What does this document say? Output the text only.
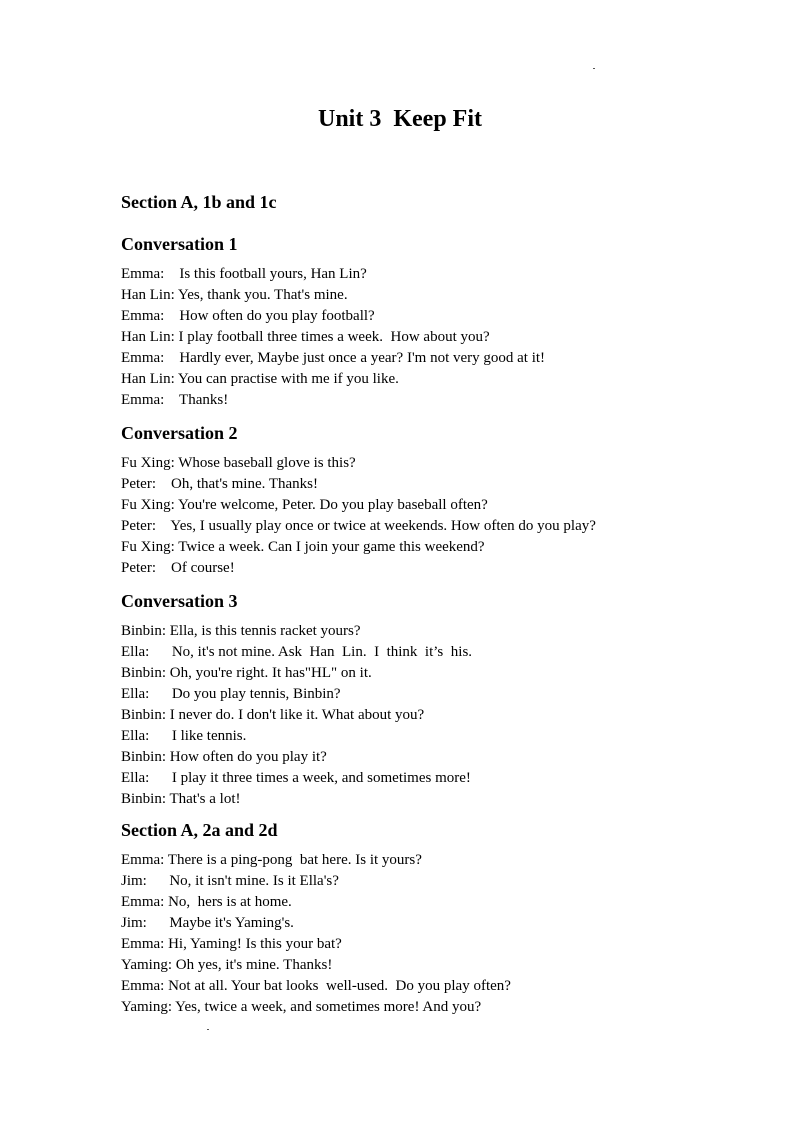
Unit 3  Keep Fit
Section A, 1b and 1c
Conversation 1
Emma:    Is this football yours, Han Lin?
Han Lin: Yes, thank you. That's mine.
Emma:    How often do you play football?
Han Lin: I play football three times a week.  How about you?
Emma:    Hardly ever, Maybe just once a year? I'm not very good at it!
Han Lin: You can practise with me if you like.
Emma:    Thanks!
Conversation 2
Fu Xing: Whose baseball glove is this?
Peter:    Oh, that's mine. Thanks!
Fu Xing: You're welcome, Peter. Do you play baseball often?
Peter:    Yes, I usually play once or twice at weekends. How often do you play?
Fu Xing: Twice a week. Can I join your game this weekend?
Peter:    Of course!
Conversation 3
Binbin: Ella, is this tennis racket yours?
Ella:      No, it's not mine. Ask  Han  Lin.  I  think  it’s  his.
Binbin: Oh, you're right. It has"HL" on it.
Ella:      Do you play tennis, Binbin?
Binbin: I never do. I don't like it. What about you?
Ella:      I like tennis.
Binbin: How often do you play it?
Ella:      I play it three times a week, and sometimes more!
Binbin: That's a lot!
Section A, 2a and 2d
Emma: There is a ping-pong  bat here. Is it yours?
Jim:      No, it isn't mine. Is it Ella's?
Emma: No,  hers is at home.
Jim:      Maybe it's Yaming's.
Emma: Hi, Yaming! Is this your bat?
Yaming: Oh yes, it's mine. Thanks!
Emma: Not at all. Your bat looks  well-used.  Do you play often?
Yaming: Yes, twice a week, and sometimes more! And you?
